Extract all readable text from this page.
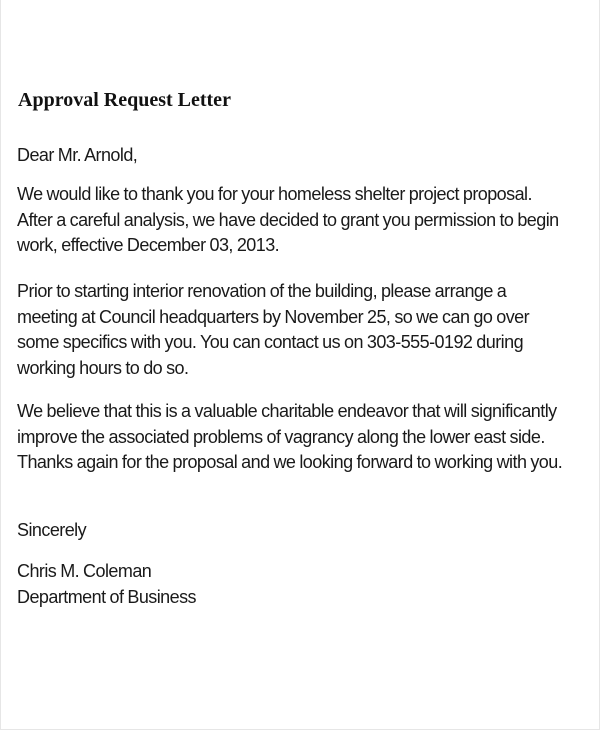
Approval Request Letter

Dear Mr. Arnold,

We would like to thank you for your homeless shelter project proposal.
After a careful analysis, we have decided to grant you permission to begin
work, effective December 03, 2013.

Prior to starting interior renovation of the building, please arrange a
meeting at Council headquarters by November 25, so we can go over
some specifics with you. You can contact us on 303-555-0192 during
working hours to do so.

We believe that this is a valuable charitable endeavor that will significantly
improve the associated problems of vagrancy along the lower east side.
Thanks again for the proposal and we looking forward to working with you.

Sincerely

Chris M. Coleman
Department of Business
